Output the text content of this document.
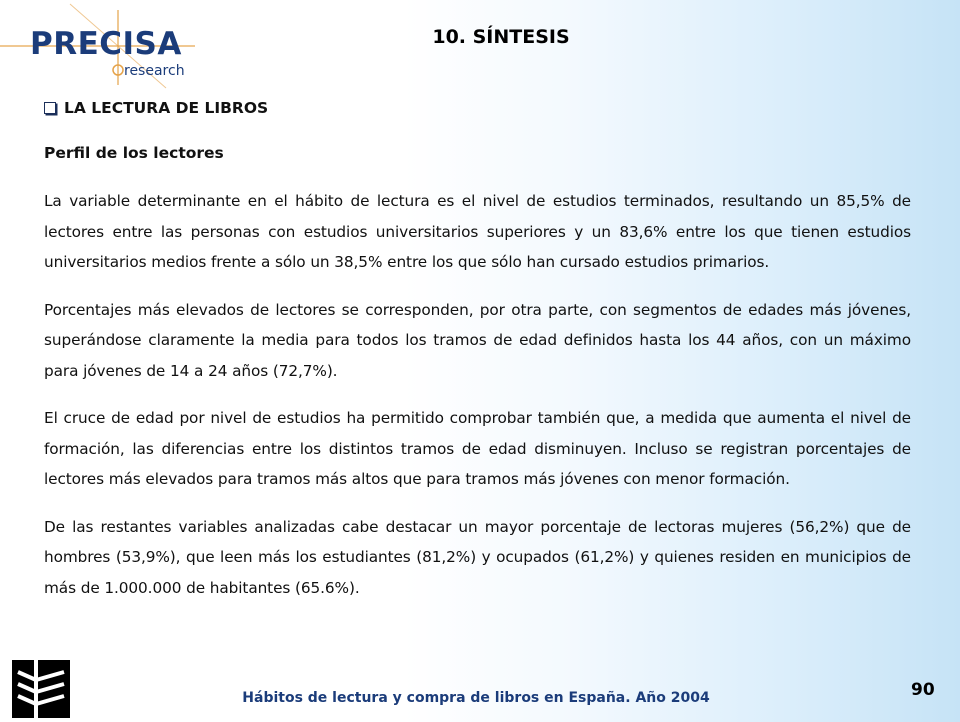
PRECISA
research
10. SÍNTESIS
LA LECTURA DE LIBROS
Perfil de los lectores

La variable determinante en el hábito de lectura es el nivel de estudios terminados, resultando un 85,5% de lectores entre las personas con estudios universitarios superiores y un 83,6% entre los que tienen estudios universitarios medios frente a sólo un 38,5% entre los que sólo han cursado estudios primarios.

Porcentajes más elevados de lectores se corresponden, por otra parte, con segmentos de edades más jóvenes, superándose claramente la media para todos los tramos de edad definidos hasta los 44 años, con un máximo para jóvenes de 14 a 24 años (72,7%).

El cruce de edad por nivel de estudios ha permitido comprobar también que, a medida que aumenta el nivel de formación, las diferencias entre los distintos tramos de edad disminuyen. Incluso se registran porcentajes de lectores más elevados para tramos más altos que para tramos más jóvenes con menor formación.

De las restantes variables analizadas cabe destacar un mayor porcentaje de lectoras mujeres (56,2%) que de hombres (53,9%), que leen más los estudiantes (81,2%) y ocupados (61,2%) y quienes residen en municipios de más de 1.000.000 de habitantes (65.6%).

Hábitos de lectura y compra de libros en España. Año 2004	90
